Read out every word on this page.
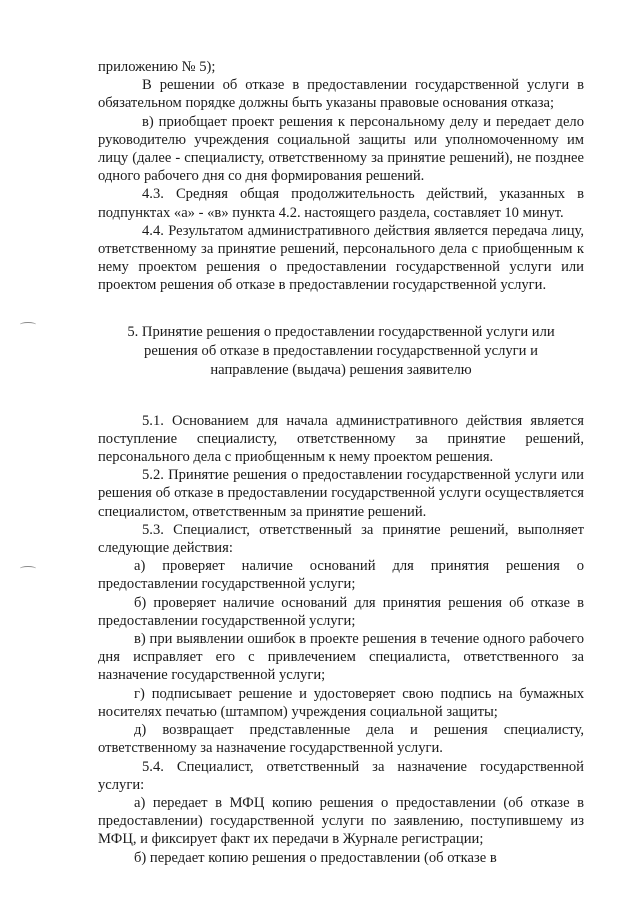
приложению № 5);

В решении об отказе в предоставлении государственной услуги в обязательном порядке должны быть указаны правовые основания отказа;

в) приобщает проект решения к персональному делу и передает дело руководителю учреждения социальной защиты или уполномоченному им лицу (далее - специалисту, ответственному за принятие решений), не позднее одного рабочего дня со дня формирования решений.

4.3. Средняя общая продолжительность действий, указанных в подпунктах «а» - «в» пункта 4.2. настоящего раздела, составляет 10 минут.

4.4. Результатом административного действия является передача лицу, ответственному за принятие решений, персонального дела с приобщенным к нему проектом решения о предоставлении государственной услуги или проектом решения об отказе в предоставлении государственной услуги.

5. Принятие решения о предоставлении государственной услуги или решения об отказе в предоставлении государственной услуги и направление (выдача) решения заявителю

5.1. Основанием для начала административного действия является поступление специалисту, ответственному за принятие решений, персонального дела с приобщенным к нему проектом решения.

5.2. Принятие решения о предоставлении государственной услуги или решения об отказе в предоставлении государственной услуги осуществляется специалистом, ответственным за принятие решений.

5.3. Специалист, ответственный за принятие решений, выполняет следующие действия:

а) проверяет наличие оснований для принятия решения о предоставлении государственной услуги;

б) проверяет наличие оснований для принятия решения об отказе в предоставлении государственной услуги;

в) при выявлении ошибок в проекте решения в течение одного рабочего дня исправляет его с привлечением специалиста, ответственного за назначение государственной услуги;

г) подписывает решение и удостоверяет свою подпись на бумажных носителях печатью (штампом) учреждения социальной защиты;

д) возвращает представленные дела и решения специалисту, ответственному за назначение государственной услуги.

5.4. Специалист, ответственный за назначение государственной услуги:

а) передает в МФЦ копию решения о предоставлении (об отказе в предоставлении) государственной услуги по заявлению, поступившему из МФЦ, и фиксирует факт их передачи в Журнале регистрации;

б) передает копию решения о предоставлении (об отказе в
